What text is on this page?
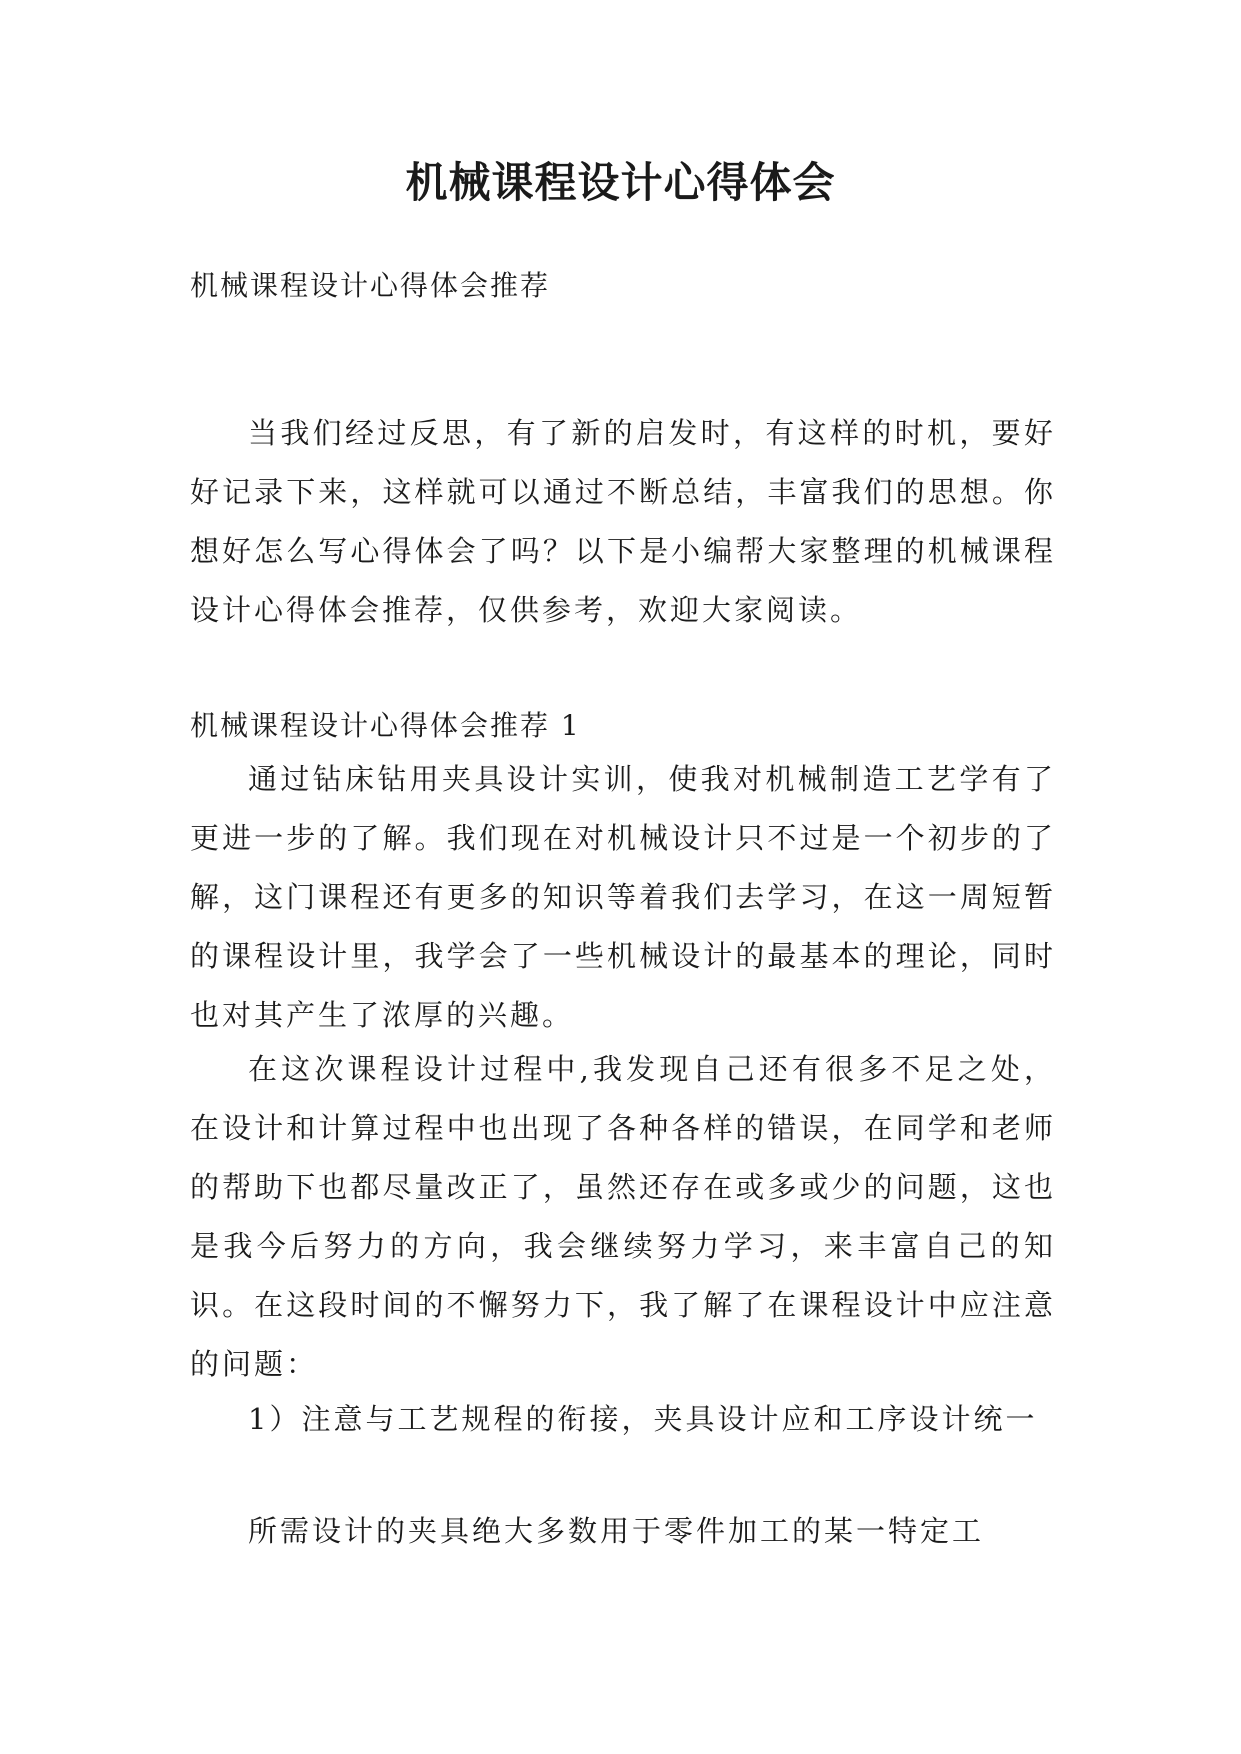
机械课程设计心得体会

机械课程设计心得体会推荐

当我们经过反思，有了新的启发时，有这样的时机，要好好记录下来，这样就可以通过不断总结，丰富我们的思想。你想好怎么写心得体会了吗？以下是小编帮大家整理的机械课程设计心得体会推荐，仅供参考，欢迎大家阅读。

机械课程设计心得体会推荐 1

通过钻床钻用夹具设计实训，使我对机械制造工艺学有了更进一步的了解。我们现在对机械设计只不过是一个初步的了解，这门课程还有更多的知识等着我们去学习，在这一周短暂的课程设计里，我学会了一些机械设计的最基本的理论，同时也对其产生了浓厚的兴趣。

在这次课程设计过程中,我发现自己还有很多不足之处，在设计和计算过程中也出现了各种各样的错误，在同学和老师的帮助下也都尽量改正了，虽然还存在或多或少的问题，这也是我今后努力的方向，我会继续努力学习，来丰富自己的知识。在这段时间的不懈努力下，我了解了在课程设计中应注意的问题：

1）注意与工艺规程的衔接，夹具设计应和工序设计统一

所需设计的夹具绝大多数用于零件加工的某一特定工
